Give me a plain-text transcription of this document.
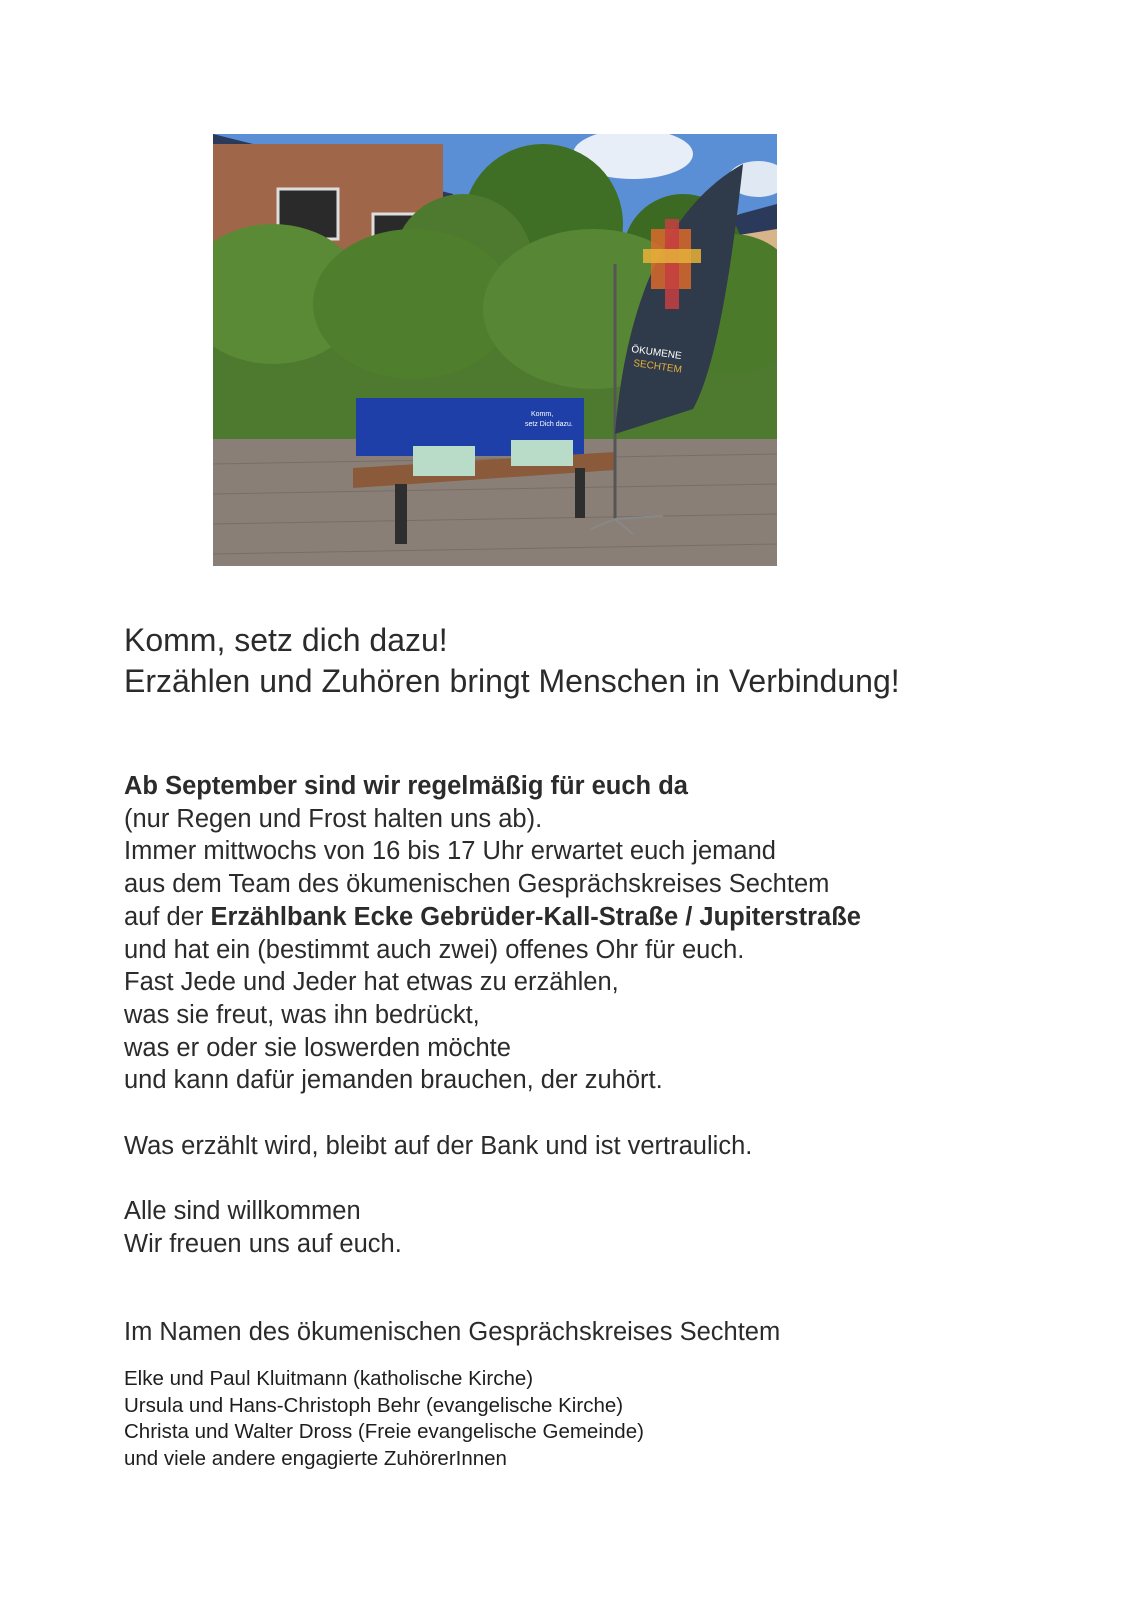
Komm,
setz Dich dazu.
ÖKUMENE
SECHTEM
Komm, setz dich dazu!
Erzählen und Zuhören bringt Menschen in Verbindung!
Ab September sind wir regelmäßig für euch da
(nur Regen und Frost halten uns ab).
Immer mittwochs von 16 bis 17 Uhr erwartet euch jemand
aus dem Team des ökumenischen Gesprächskreises Sechtem
auf der Erzählbank Ecke Gebrüder-Kall-Straße / Jupiterstraße
und hat ein (bestimmt auch zwei) offenes Ohr für euch.
Fast Jede und Jeder hat etwas zu erzählen,
was sie freut, was ihn bedrückt,
was er oder sie loswerden möchte
und kann dafür jemanden brauchen, der zuhört.
Was erzählt wird, bleibt auf der Bank und ist vertraulich.
Alle sind willkommen
Wir freuen uns auf euch.
Im Namen des ökumenischen Gesprächskreises Sechtem
Elke und Paul Kluitmann (katholische Kirche)
Ursula und Hans-Christoph Behr (evangelische Kirche)
Christa und Walter Dross (Freie evangelische Gemeinde)
und viele andere engagierte ZuhörerInnen
